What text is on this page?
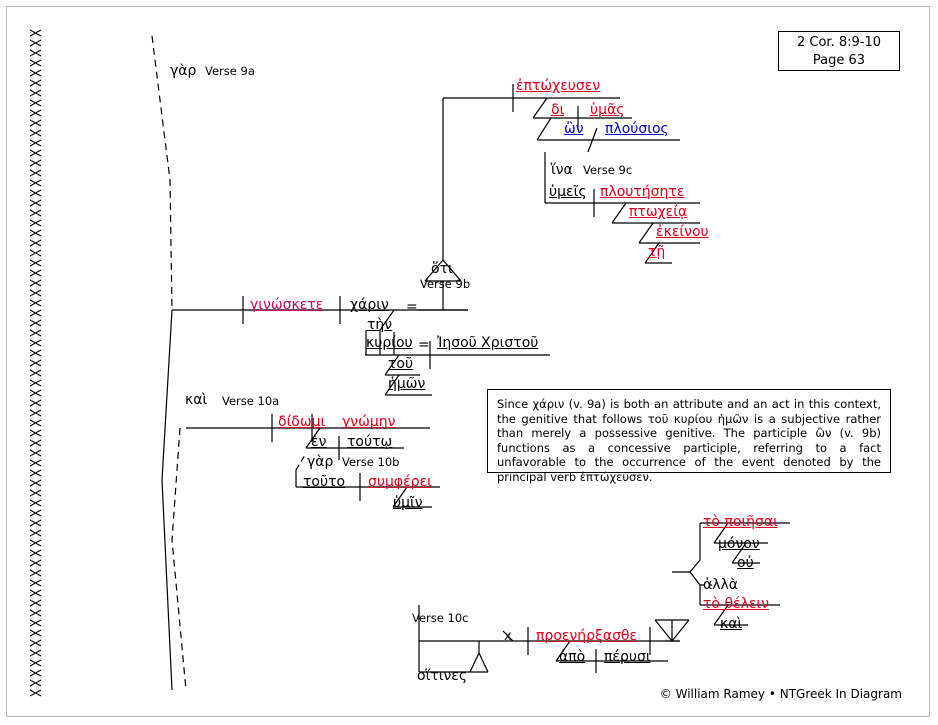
2 Cor. 8:9-10
Page 63
γὰρ Verse 9a
ἐπτώχευσεν
δι ὑμᾶς
ὢν πλούσιος
ἵνα Verse 9c
ὑμεῖς πλουτήσητε
πτωχείᾳ
ἐκείνου
τῇ
ὅτι
Verse 9b
γινώσκετε χάριν =
τὴν
κυρίου = Ἰησοῦ Χριστοῦ
τοῦ
ἡμῶν
καὶ Verse 10a
δίδωμι γνώμην
ἐν τούτῳ
γὰρ Verse 10b
τοῦτο συμφέρει
ὑμῖν
Verse 10c
x προενήρξασθε
ἀπὸ πέρυσι
οἵτινες
τὸ ποιῆσαι
μόνον
οὐ
ἀλλὰ
τὸ θέλειν
καὶ
Since χάριν (v. 9a) is both an attribute and an act in this context, the genitive that follows τοῦ κυρίου ἡμῶν is a subjective rather than merely a possessive genitive. The participle ὢν (v. 9b) functions as a concessive participle, referring to a fact unfavorable to the occurrence of the event denoted by the principal verb ἐπτώχευσεν.
© William Ramey • NTGreek In Diagram
